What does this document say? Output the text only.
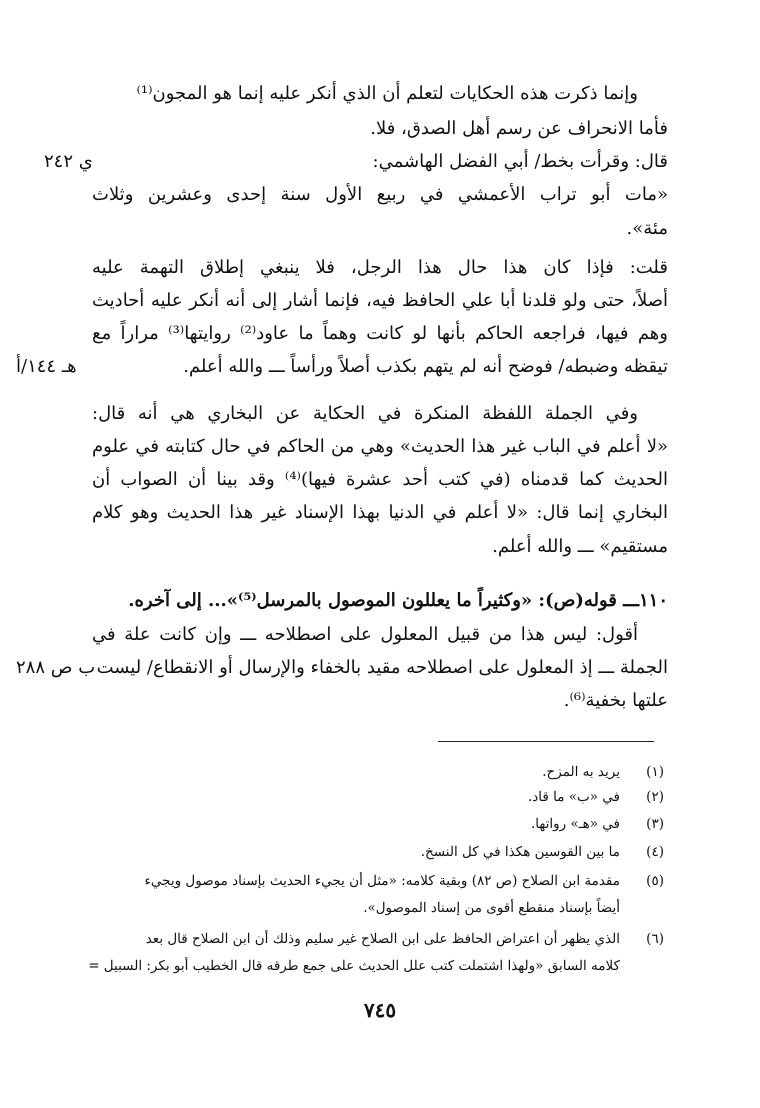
وإنما ذكرت هذه الحكايات لتعلم أن الذي أنكر عليه إنما هو المجون⁽¹⁾
فأما الانحراف عن رسم أهل الصدق، فلا.
قال: وقرأت بخط/ أبي الفضل الهاشمي:
«مات أبو تراب الأعمشي في ربيع الأول سنة إحدى وعشرين وثلاث
مئة».
قلت: فإذا كان هذا حال هذا الرجل، فلا ينبغي إطلاق التهمة عليه
أصلاً، حتى ولو قلدنا أبا علي الحافظ فيه، فإنما أشار إلى أنه أنكر عليه أحاديث
وهم فيها، فراجعه الحاكم بأنها لو كانت وهماً ما عاود⁽²⁾ روايتها⁽³⁾ مراراً مع
تيقظه وضبطه/ فوضح أنه لم يتهم بكذب أصلاً ورأساً ـــ والله أعلم.
وفي الجملة اللفظة المنكرة في الحكاية عن البخاري هي أنه قال:
«لا أعلم في الباب غير هذا الحديث» وهي من الحاكم في حال كتابته في علوم
الحديث كما قدمناه (في كتب أحد عشرة فيها)⁽⁴⁾ وقد بينا أن الصواب أن
البخاري إنما قال: «لا أعلم في الدنيا بهذا الإسناد غير هذا الحديث وهو كلام
مستقيم» ـــ والله أعلم.
١١٠ـــ قوله(ص): «وكثيراً ما يعللون الموصول بالمرسل⁽⁵⁾»... إلى آخره.
أقول: ليس هذا من قبيل المعلول على اصطلاحه ـــ وإن كانت علة في
الجملة ـــ إذ المعلول على اصطلاحه مقيد بالخفاء والإرسال أو الانقطاع/ ليست
علتها بخفية⁽⁶⁾.
ي ٢٤٢
هـ ١٤٤/أ
ب ص ٢٨٨
(١)
يريد به المزح.
(٢)
في «ب» ما قاد.
(٣)
في «هـ» رواتها.
(٤)
ما بين القوسين هكذا في كل النسخ.
(٥)
مقدمة ابن الصلاح (ص ٨٢) وبقية كلامه: «مثل أن يجيء الحديث بإسناد موصول ويجيء
أيضاً بإسناد منقطع أقوى من إسناد الموصول».
(٦)
الذي يظهر أن اعتراض الحافظ على ابن الصلاح غير سليم وذلك أن ابن الصلاح قال بعد
كلامه السابق «ولهذا اشتملت كتب علل الحديث على جمع طرقه قال الخطيب أبو بكر: السبيل =
٧٤٥
